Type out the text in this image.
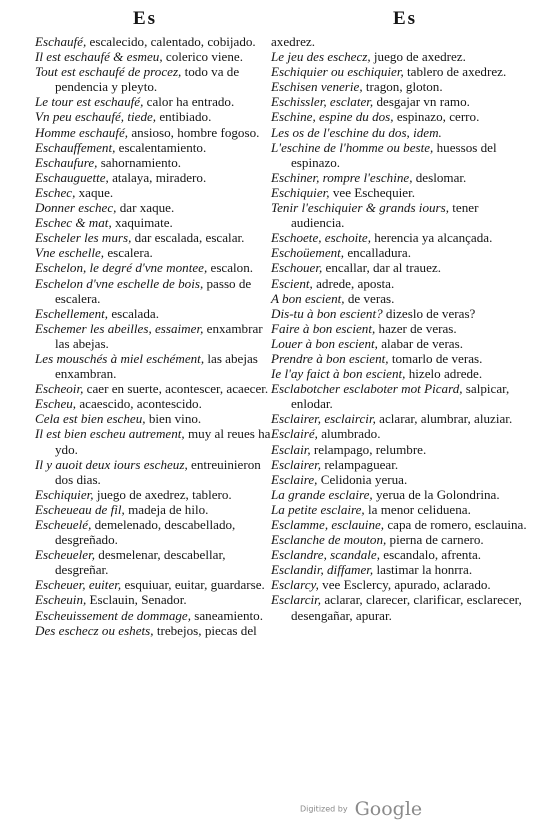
Es	Es

Eschaufé, escalecido, calentado, cobijado.

Il est eschaufé & esmeu, colerico viene.

Tout est eschaufé de procez, todo va de pendencia y pleyto.

Le tour est eschaufé, calor ha entrado.

Vn peu eschaufé, tiede, entibiado.

Homme eschaufé, ansioso, hombre fogoso.

Eschauffement, escalentamiento.

Eschaufure, sahornamiento.

Eschauguette, atalaya, miradero.

Eschec, xaque.

Donner eschec, dar xaque.

Eschec & mat, xaquimate.

Escheler les murs, dar escalada, escalar.

Vne eschelle, escalera.

Eschelon, le degré d'vne montee, escalon.

Eschelon d'vne eschelle de bois, passo de escalera.

Eschellement, escalada.

Eschemer les abeilles, essaimer, enxambrar las abejas.

Les mouschés à miel eschément, las abejas enxambran.

Escheoir, caer en suerte, acontescer, acaecer.

Escheu, acaescido, acontescido.

Cela est bien escheu, bien vino.

Il est bien escheu autrement, muy al reues ha ydo.

Il y auoit deux iours escheuz, entreuinieron dos dias.

Eschiquier, juego de axedrez, tablero.

Escheueau de fil, madeja de hilo.

Escheuelé, demelenado, descabellado, desgreñado.

Escheueler, desmelenar, descabellar, desgreñar.

Escheuer, euiter, esquiuar, euitar, guardarse.

Escheuin, Esclauin, Senador.

Escheuissement de dommage, saneamiento.

Des eschecz ou eshets, trebejos, piecas del

axedrez.

Le jeu des eschecz, juego de axedrez.

Eschiquier ou eschiquier, tablero de axedrez.

Eschisen venerie, tragon, gloton.

Eschissler, esclater, desgajar vn ramo.

Eschine, espine du dos, espinazo, cerro.

Les os de l'eschine du dos, idem.

L'eschine de l'homme ou beste, huessos del espinazo.

Eschiner, rompre l'eschine, deslomar.

Eschiquier, vee Eschequier.

Tenir l'eschiquier & grands iours, tener audiencia.

Eschoete, eschoite, herencia ya alcançada.

Eschoüement, encalladura.

Eschouer, encallar, dar al trauez.

Escient, adrede, aposta.

A bon escient, de veras.

Dis-tu à bon escient? dizeslo de veras?

Faire à bon escient, hazer de veras.

Louer à bon escient, alabar de veras.

Prendre à bon escient, tomarlo de veras.

Ie l'ay faict à bon escient, hizelo adrede.

Esclabotcher esclaboter mot Picard, salpicar, enlodar.

Esclairer, esclaircir, aclarar, alumbrar, aluziar.

Esclairé, alumbrado.

Esclair, relampago, relumbre.

Esclairer, relampaguear.

Esclaire, Celidonia yerua.

La grande esclaire, yerua de la Golondrina.

La petite esclaire, la menor celiduena.

Esclamme, esclauine, capa de romero, esclauina.

Esclanche de mouton, pierna de carnero.

Esclandre, scandale, escandalo, afrenta.

Esclandir, diffamer, lastimar la honrra.

Esclarcy, vee Esclercy, apurado, aclarado.

Esclarcir, aclarar, clarecer, clarificar, esclarecer, desengañar, apurar.

Digitized by Google
